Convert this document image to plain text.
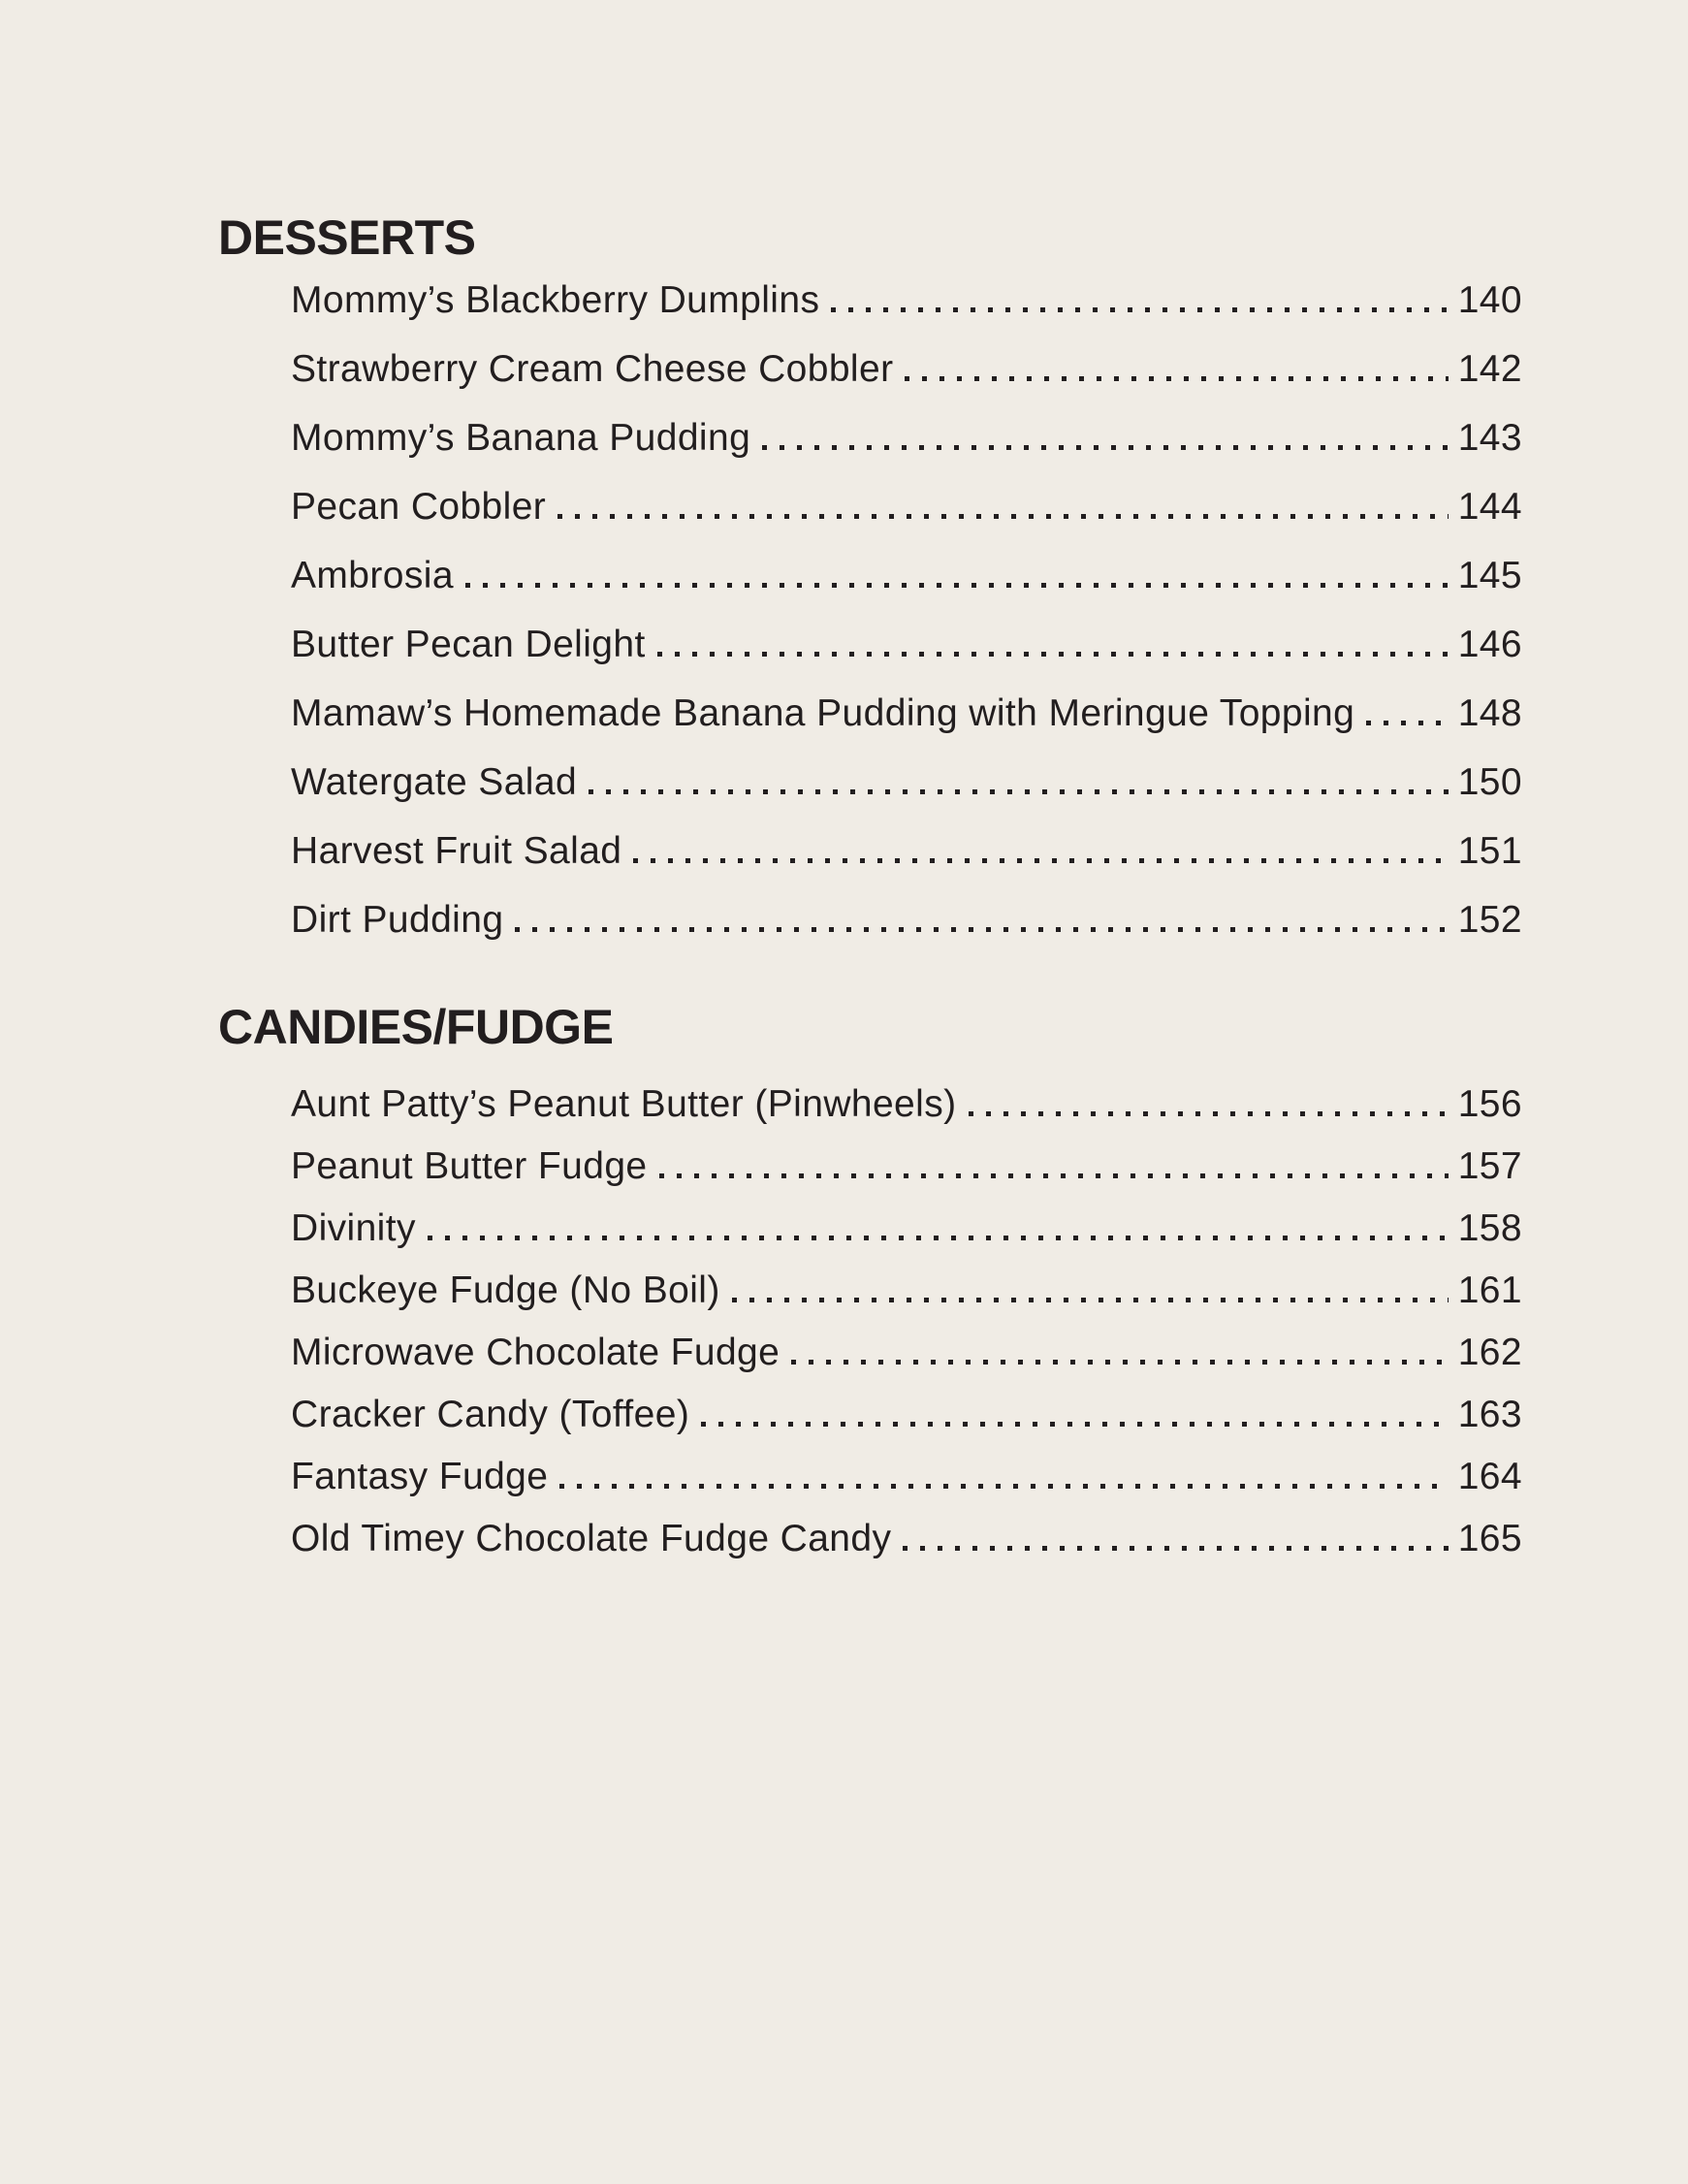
DESSERTS
Mommy’s Blackberry Dumplins	140
Strawberry Cream Cheese Cobbler	142
Mommy’s Banana Pudding	143
Pecan Cobbler	144
Ambrosia	145
Butter Pecan Delight	146
Mamaw’s Homemade Banana Pudding with Meringue Topping	148
Watergate Salad	150
Harvest Fruit Salad	151
Dirt Pudding	152
CANDIES/FUDGE
Aunt Patty’s Peanut Butter (Pinwheels)	156
Peanut Butter Fudge	157
Divinity	158
Buckeye Fudge (No Boil)	161
Microwave Chocolate Fudge	162
Cracker Candy (Toffee)	163
Fantasy Fudge	164
Old Timey Chocolate Fudge Candy	165
